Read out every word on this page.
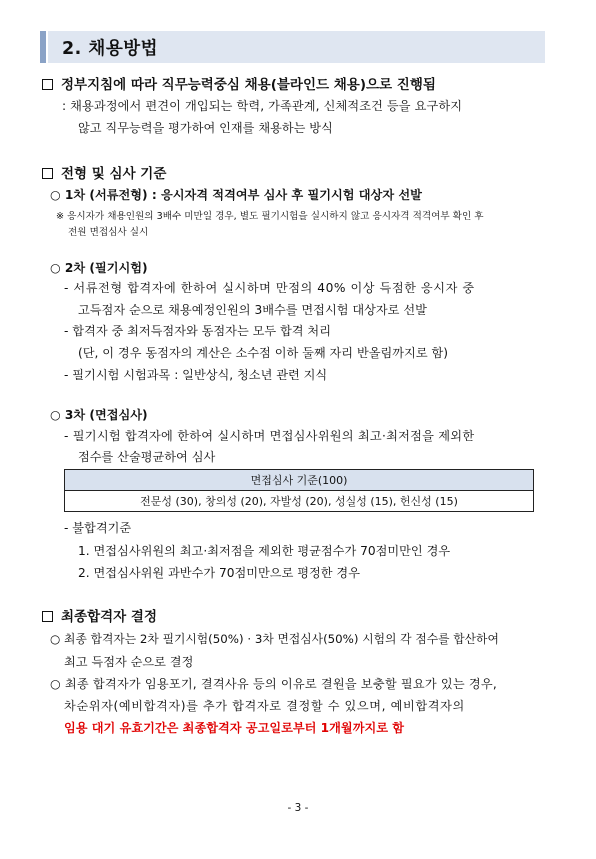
2. 채용방법
정부지침에 따라 직무능력중심 채용(블라인드 채용)으로 진행됨
: 채용과정에서 편견이 개입되는 학력, 가족관계, 신체적조건 등을 요구하지
않고 직무능력을 평가하여 인재를 채용하는 방식
전형 및 심사 기준
○ 1차 (서류전형) : 응시자격 적격여부 심사 후 필기시험 대상자 선발
※ 응시자가 채용인원의 3배수 미만일 경우, 별도 필기시험을 실시하지 않고 응시자격 적격여부 확인 후
전원 면접심사 실시
○ 2차 (필기시험)
- 서류전형 합격자에 한하여 실시하며 만점의 40% 이상 득점한 응시자 중
고득점자 순으로 채용예정인원의 3배수를 면접시험 대상자로 선발
- 합격자 중 최저득점자와 동점자는 모두 합격 처리
(단, 이 경우 동점자의 계산은 소수점 이하 둘째 자리 반올림까지로 함)
- 필기시험 시험과목 : 일반상식, 청소년 관련 지식
○ 3차 (면접심사)
- 필기시험 합격자에 한하여 실시하며 면접심사위원의 최고·최저점을 제외한
점수를 산술평균하여 심사
면접심사 기준(100)
전문성 (30), 창의성 (20), 자발성 (20), 성실성 (15), 헌신성 (15)
- 불합격기준
1. 면접심사위원의 최고·최저점을 제외한 평균점수가 70점미만인 경우
2. 면접심사위원 과반수가 70점미만으로 평정한 경우
최종합격자 결정
○ 최종 합격자는 2차 필기시험(50%) · 3차 면접심사(50%) 시험의 각 점수를 합산하여
최고 득점자 순으로 결정
○ 최종 합격자가 임용포기, 결격사유 등의 이유로 결원을 보충할 필요가 있는 경우,
차순위자(예비합격자)를 추가 합격자로 결정할 수 있으며, 예비합격자의
임용 대기 유효기간은 최종합격자 공고일로부터 1개월까지로 함
- 3 -
